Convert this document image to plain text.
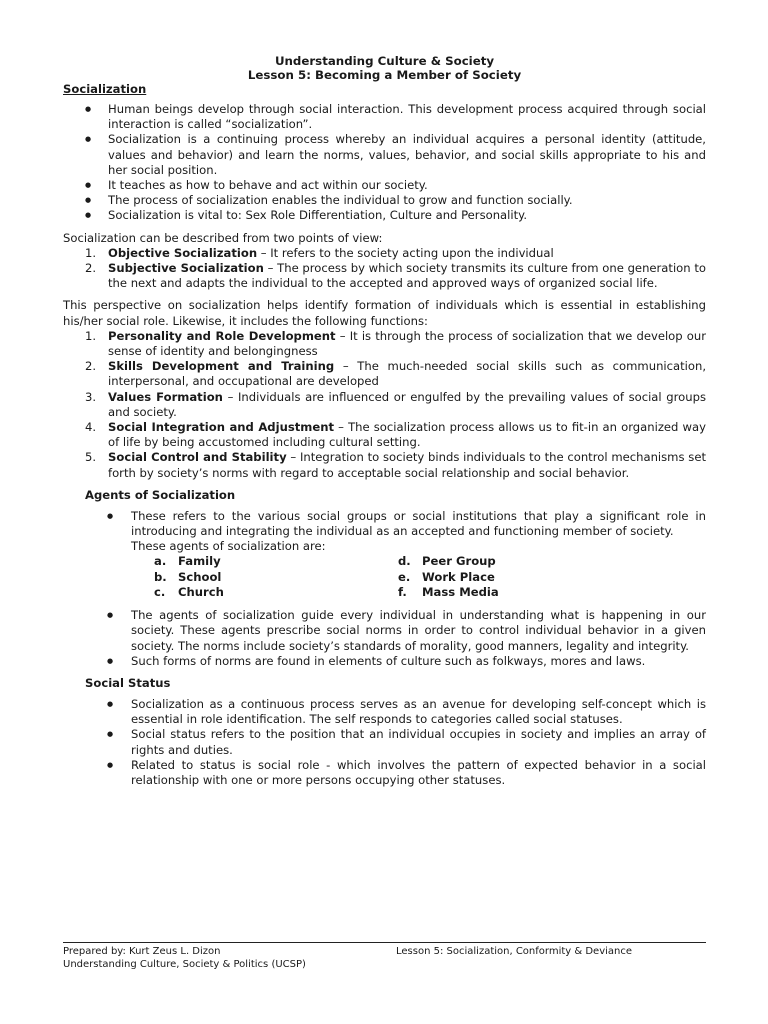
Understanding Culture & Society
Lesson 5: Becoming a Member of Society
Socialization
● Human beings develop through social interaction. This development process acquired through social interaction is called “socialization”.
● Socialization is a continuing process whereby an individual acquires a personal identity (attitude, values and behavior) and learn the norms, values, behavior, and social skills appropriate to his and her social position.
● It teaches as how to behave and act within our society.
● The process of socialization enables the individual to grow and function socially.
● Socialization is vital to: Sex Role Differentiation, Culture and Personality.

Socialization can be described from two points of view:

1. Objective Socialization – It refers to the society acting upon the individual
2. Subjective Socialization – The process by which society transmits its culture from one generation to the next and adapts the individual to the accepted and approved ways of organized social life.

This perspective on socialization helps identify formation of individuals which is essential in establishing his/her social role. Likewise, it includes the following functions:

1. Personality and Role Development – It is through the process of socialization that we develop our sense of identity and belongingness
2. Skills Development and Training – The much-needed social skills such as communication, interpersonal, and occupational are developed
3. Values Formation – Individuals are influenced or engulfed by the prevailing values of social groups and society.
4. Social Integration and Adjustment – The socialization process allows us to fit-in an organized way of life by being accustomed including cultural setting.
5. Social Control and Stability – Integration to society binds individuals to the control mechanisms set forth by society’s norms with regard to acceptable social relationship and social behavior.
Agents of Socialization
● These refers to the various social groups or social institutions that play a significant role in introducing and integrating the individual as an accepted and functioning member of society.
These agents of socialization are:
a. Family	d. Peer Group
b. School	e. Work Place
c. Church	f. Mass Media
● The agents of socialization guide every individual in understanding what is happening in our society. These agents prescribe social norms in order to control individual behavior in a given society. The norms include society’s standards of morality, good manners, legality and integrity.
● Such forms of norms are found in elements of culture such as folkways, mores and laws.
Social Status
● Socialization as a continuous process serves as an avenue for developing self-concept which is essential in role identification. The self responds to categories called social statuses.
● Social status refers to the position that an individual occupies in society and implies an array of rights and duties.
● Related to status is social role - which involves the pattern of expected behavior in a social relationship with one or more persons occupying other statuses.
Prepared by: Kurt Zeus L. Dizon	Lesson 5: Socialization, Conformity & Deviance
Understanding Culture, Society & Politics (UCSP)
